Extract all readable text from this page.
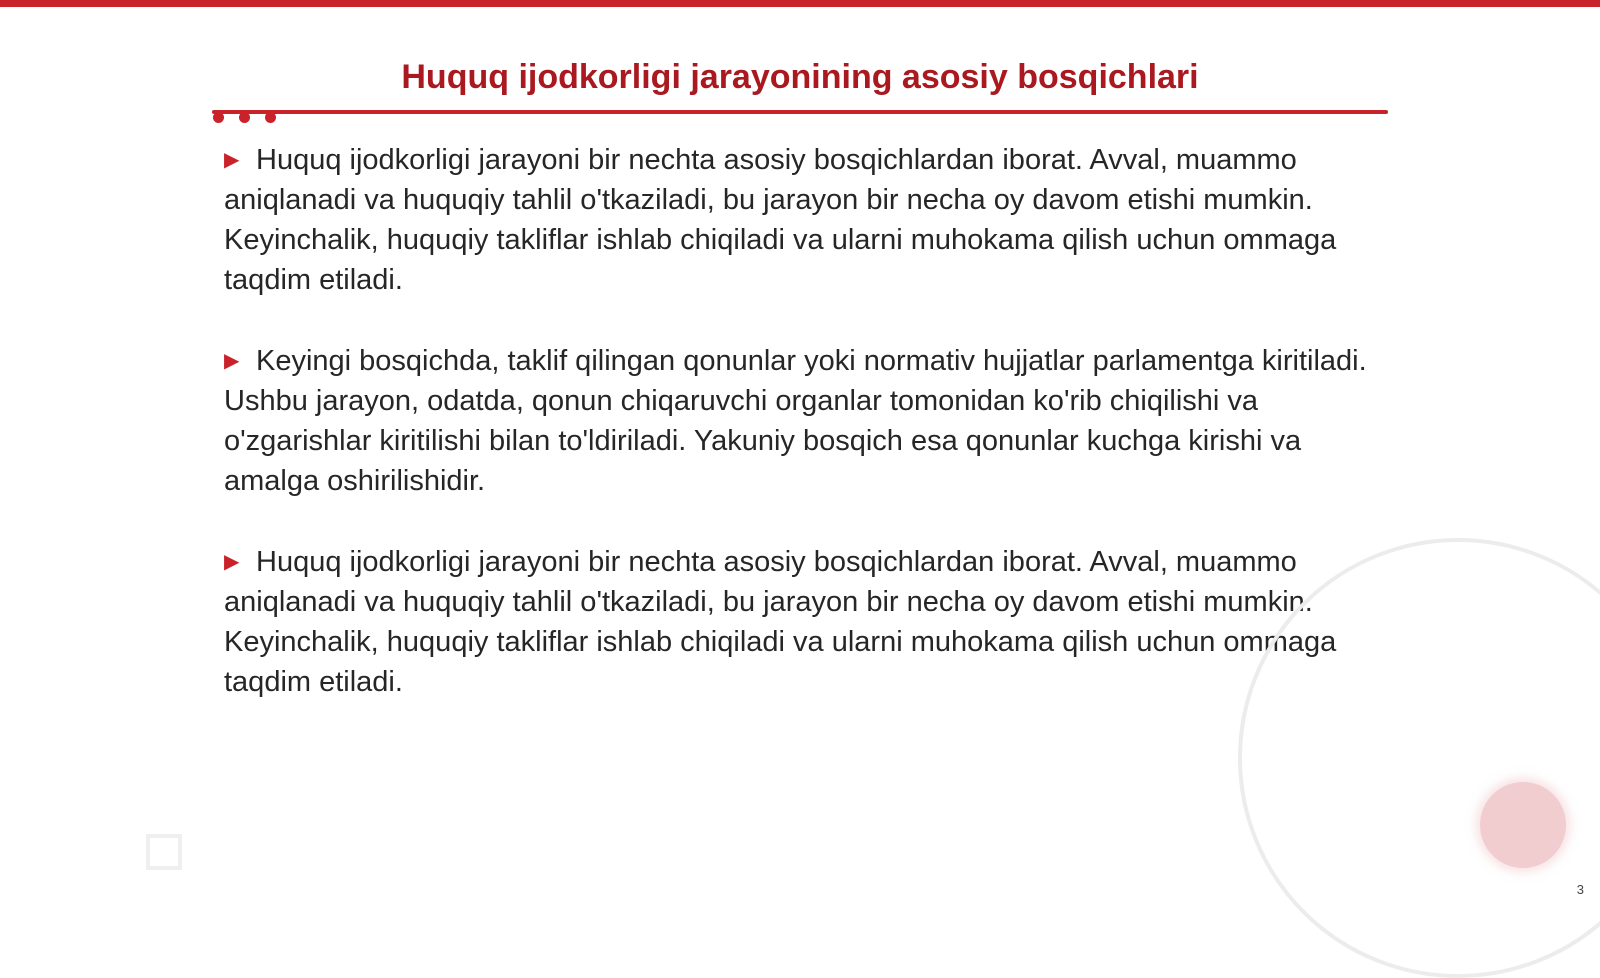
Huquq ijodkorligi jarayonining asosiy bosqichlari

▶ Huquq ijodkorligi jarayoni bir nechta asosiy bosqichlardan iborat. Avval, muammo aniqlanadi va huquqiy tahlil o'tkaziladi, bu jarayon bir necha oy davom etishi mumkin. Keyinchalik, huquqiy takliflar ishlab chiqiladi va ularni muhokama qilish uchun ommaga taqdim etiladi.

▶ Keyingi bosqichda, taklif qilingan qonunlar yoki normativ hujjatlar parlamentga kiritiladi. Ushbu jarayon, odatda, qonun chiqaruvchi organlar tomonidan ko'rib chiqilishi va o'zgarishlar kiritilishi bilan to'ldiriladi. Yakuniy bosqich esa qonunlar kuchga kirishi va amalga oshirilishidir.

▶ Huquq ijodkorligi jarayoni bir nechta asosiy bosqichlardan iborat. Avval, muammo aniqlanadi va huquqiy tahlil o'tkaziladi, bu jarayon bir necha oy davom etishi mumkin. Keyinchalik, huquqiy takliflar ishlab chiqiladi va ularni muhokama qilish uchun ommaga taqdim etiladi.

3
